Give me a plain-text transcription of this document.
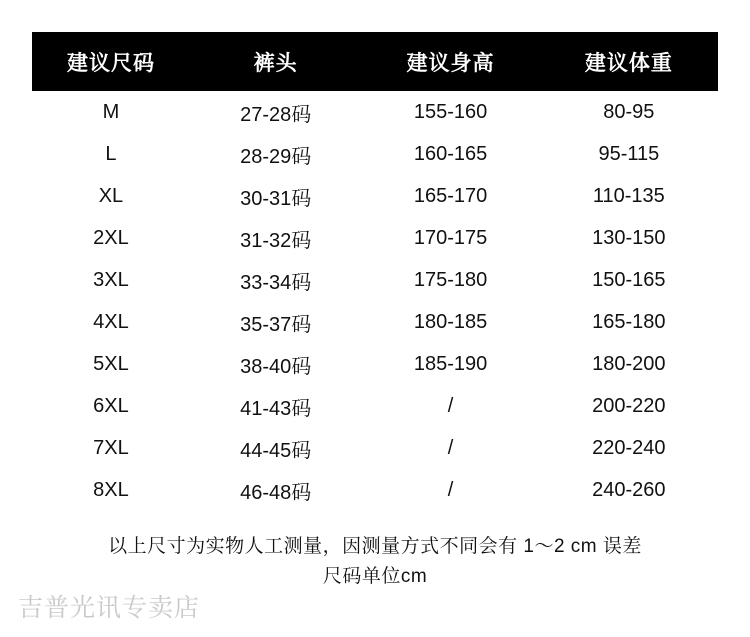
建议尺码	裤头	建议身高	建议体重
M	27-28码	155-160	80-95
L	28-29码	160-165	95-115
XL	30-31码	165-170	110-135
2XL	31-32码	170-175	130-150
3XL	33-34码	175-180	150-165
4XL	35-37码	180-185	165-180
5XL	38-40码	185-190	180-200
6XL	41-43码	/	200-220
7XL	44-45码	/	220-240
8XL	46-48码	/	240-260
以上尺寸为实物人工测量，因测量方式不同会有 1～2 cm 误差
尺码单位cm
吉普光讯专卖店
